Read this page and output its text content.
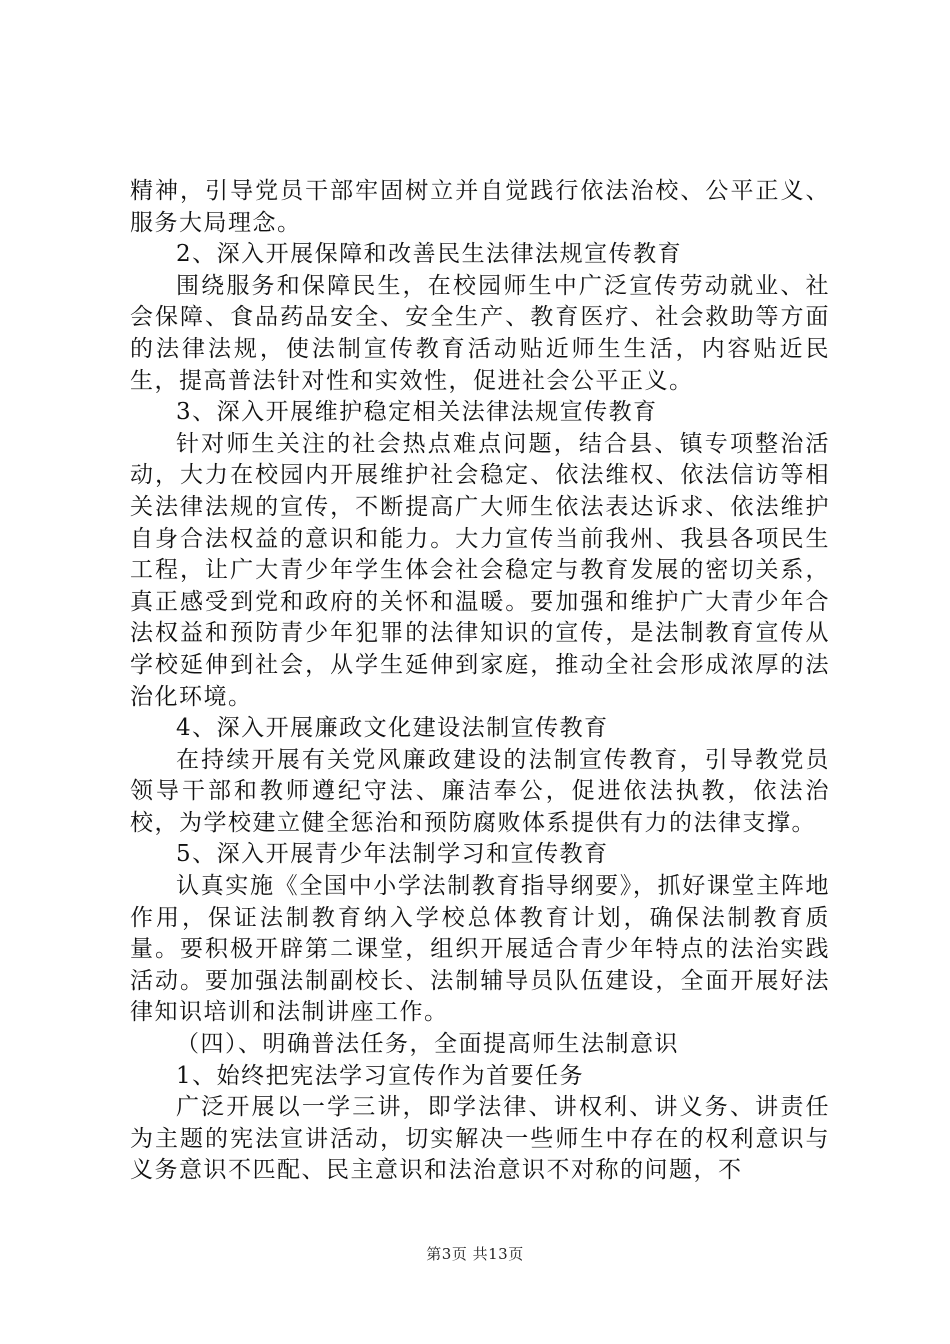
精神，引导党员干部牢固树立并自觉践行依法治校、公平正义、服务大局理念。

2、深入开展保障和改善民生法律法规宣传教育

围绕服务和保障民生，在校园师生中广泛宣传劳动就业、社会保障、食品药品安全、安全生产、教育医疗、社会救助等方面的法律法规，使法制宣传教育活动贴近师生生活，内容贴近民生，提高普法针对性和实效性，促进社会公平正义。

3、深入开展维护稳定相关法律法规宣传教育

针对师生关注的社会热点难点问题，结合县、镇专项整治活动，大力在校园内开展维护社会稳定、依法维权、依法信访等相关法律法规的宣传，不断提高广大师生依法表达诉求、依法维护自身合法权益的意识和能力。大力宣传当前我州、我县各项民生工程，让广大青少年学生体会社会稳定与教育发展的密切关系，真正感受到党和政府的关怀和温暖。要加强和维护广大青少年合法权益和预防青少年犯罪的法律知识的宣传，是法制教育宣传从学校延伸到社会，从学生延伸到家庭，推动全社会形成浓厚的法治化环境。

4、深入开展廉政文化建设法制宣传教育

在持续开展有关党风廉政建设的法制宣传教育，引导教党员领导干部和教师遵纪守法、廉洁奉公，促进依法执教，依法治校，为学校建立健全惩治和预防腐败体系提供有力的法律支撑。

5、深入开展青少年法制学习和宣传教育

认真实施《全国中小学法制教育指导纲要》，抓好课堂主阵地作用，保证法制教育纳入学校总体教育计划，确保法制教育质量。要积极开辟第二课堂，组织开展适合青少年特点的法治实践活动。要加强法制副校长、法制辅导员队伍建设，全面开展好法律知识培训和法制讲座工作。

（四）、明确普法任务，全面提高师生法制意识

1、始终把宪法学习宣传作为首要任务

广泛开展以一学三讲，即学法律、讲权利、讲义务、讲责任为主题的宪法宣讲活动，切实解决一些师生中存在的权利意识与义务意识不匹配、民主意识和法治意识不对称的问题，不

第3页 共13页
